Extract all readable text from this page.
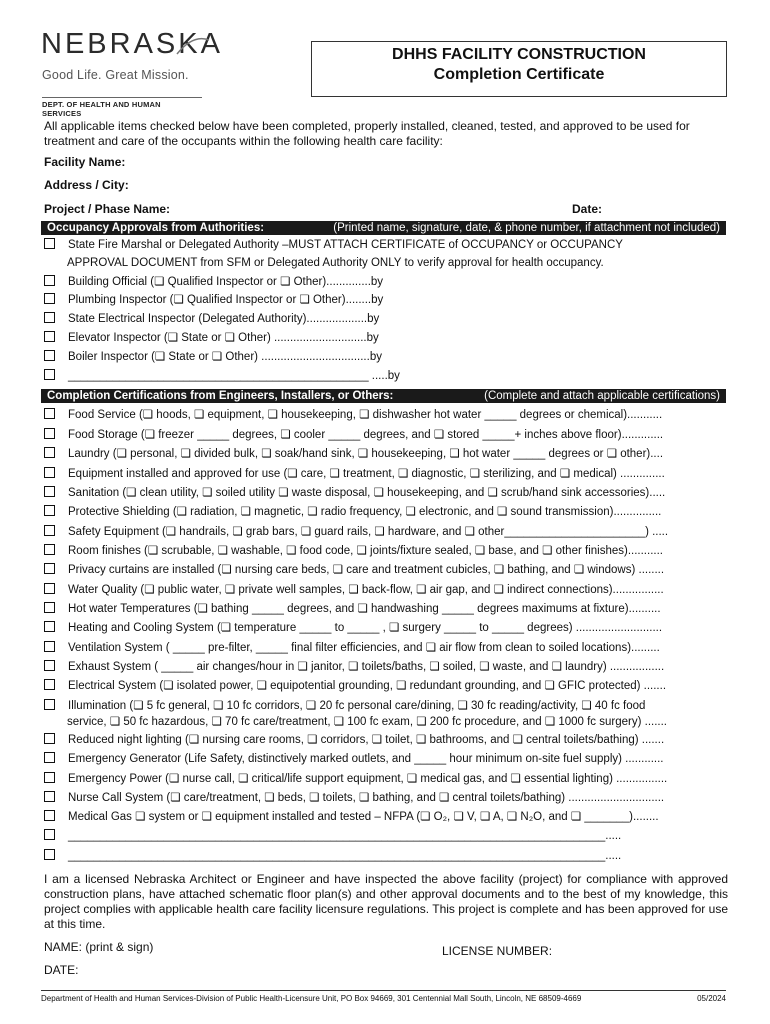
NEBRASKA
Good Life. Great Mission.
DEPT. OF HEALTH AND HUMAN SERVICES
DHHS FACILITY CONSTRUCTION
Completion Certificate
All applicable items checked below have been completed, properly installed, cleaned, tested, and approved to be used for treatment and care of the occupants within the following health care facility:
Facility Name:
Address / City:
Project / Phase Name:	Date:
Occupancy Approvals from Authorities:	(Printed name, signature, date, & phone number, if attachment not included)
State Fire Marshal or Delegated Authority –MUST ATTACH CERTIFICATE of OCCUPANCY or OCCUPANCY
Building Official (❏ Qualified Inspector or ❏ Other)..............by
Plumbing Inspector (❏ Qualified Inspector or ❏ Other)........by
State Electrical Inspector (Delegated Authority)...................by
Elevator Inspector (❏ State or ❏ Other) .............................by
Boiler Inspector (❏ State or ❏ Other) ..................................by
_______________________________________________ .....by
APPROVAL DOCUMENT from SFM or Delegated Authority ONLY to verify approval for health occupancy.
Completion Certifications from Engineers, Installers, or Others:	(Complete and attach applicable certifications)
Food Service (❏ hoods, ❏ equipment, ❏ housekeeping, ❏ dishwasher hot water _____ degrees or chemical)...........
Food Storage (❏ freezer _____ degrees, ❏ cooler _____ degrees, and ❏ stored _____+ inches above floor).............
Laundry (❏ personal, ❏ divided bulk, ❏ soak/hand sink, ❏ housekeeping, ❏ hot water _____ degrees or ❏ other)....
Equipment installed and approved for use (❏ care, ❏ treatment, ❏ diagnostic, ❏ sterilizing, and ❏ medical) ..............
Sanitation (❏ clean utility, ❏ soiled utility ❏ waste disposal, ❏ housekeeping, and ❏ scrub/hand sink accessories).....
Protective Shielding (❏ radiation, ❏ magnetic, ❏ radio frequency, ❏ electronic, and ❏ sound transmission)...............
Safety Equipment (❏ handrails, ❏ grab bars, ❏ guard rails, ❏ hardware, and ❏ other______________________) .....
Room finishes (❏ scrubable, ❏ washable, ❏ food code, ❏ joints/fixture sealed, ❏ base, and ❏ other finishes)...........
Privacy curtains are installed (❏ nursing care beds, ❏ care and treatment cubicles, ❏ bathing, and ❏ windows) ........
Water Quality (❏ public water, ❏ private well samples, ❏ back-flow, ❏ air gap, and ❏ indirect connections)................
Hot water Temperatures (❏ bathing _____ degrees, and ❏ handwashing _____ degrees maximums at fixture)..........
Heating and Cooling System (❏ temperature _____ to _____ , ❏ surgery _____ to _____ degrees) ...........................
Ventilation System ( _____ pre-filter, _____ final filter efficiencies, and ❏ air flow from clean to soiled locations).........
Exhaust System ( _____ air changes/hour in ❏ janitor, ❏ toilets/baths, ❏ soiled, ❏ waste, and ❏ laundry) .................
Electrical System (❏ isolated power, ❏ equipotential grounding, ❏ redundant grounding, and ❏ GFIC protected) .......
Illumination (❏ 5 fc general, ❏ 10 fc corridors, ❏ 20 fc personal care/dining, ❏ 30 fc reading/activity, ❏ 40 fc food
Reduced night lighting (❏ nursing care rooms, ❏ corridors, ❏ toilet, ❏ bathrooms, and ❏ central toilets/bathing) .......
Emergency Generator (Life Safety, distinctively marked outlets, and _____ hour minimum on-site fuel supply) ............
Emergency Power (❏ nurse call, ❏ critical/life support equipment, ❏ medical gas, and ❏ essential lighting) ................
Nurse Call System (❏ care/treatment, ❏ beds, ❏ toilets, ❏ bathing, and ❏ central toilets/bathing) ..............................
Medical Gas ❏ system or ❏ equipment installed and tested – NFPA (❏ O₂, ❏ V, ❏ A, ❏ N₂O, and ❏ _______)........
____________________________________________________________________________________.....
____________________________________________________________________________________.....
service, ❏ 50 fc hazardous, ❏ 70 fc care/treatment, ❏ 100 fc exam, ❏ 200 fc procedure, and ❏ 1000 fc surgery) .......
I am a licensed Nebraska Architect or Engineer and have inspected the above facility (project) for compliance with approved construction plans, have attached schematic floor plan(s) and other approval documents and to the best of my knowledge, this project complies with applicable health care facility licensure regulations. This project is complete and has been approved for use at this time.
NAME: (print & sign)	LICENSE NUMBER:
DATE:
Department of Health and Human Services-Division of Public Health-Licensure Unit, PO Box 94669, 301 Centennial Mall South, Lincoln, NE 68509-4669	05/2024
